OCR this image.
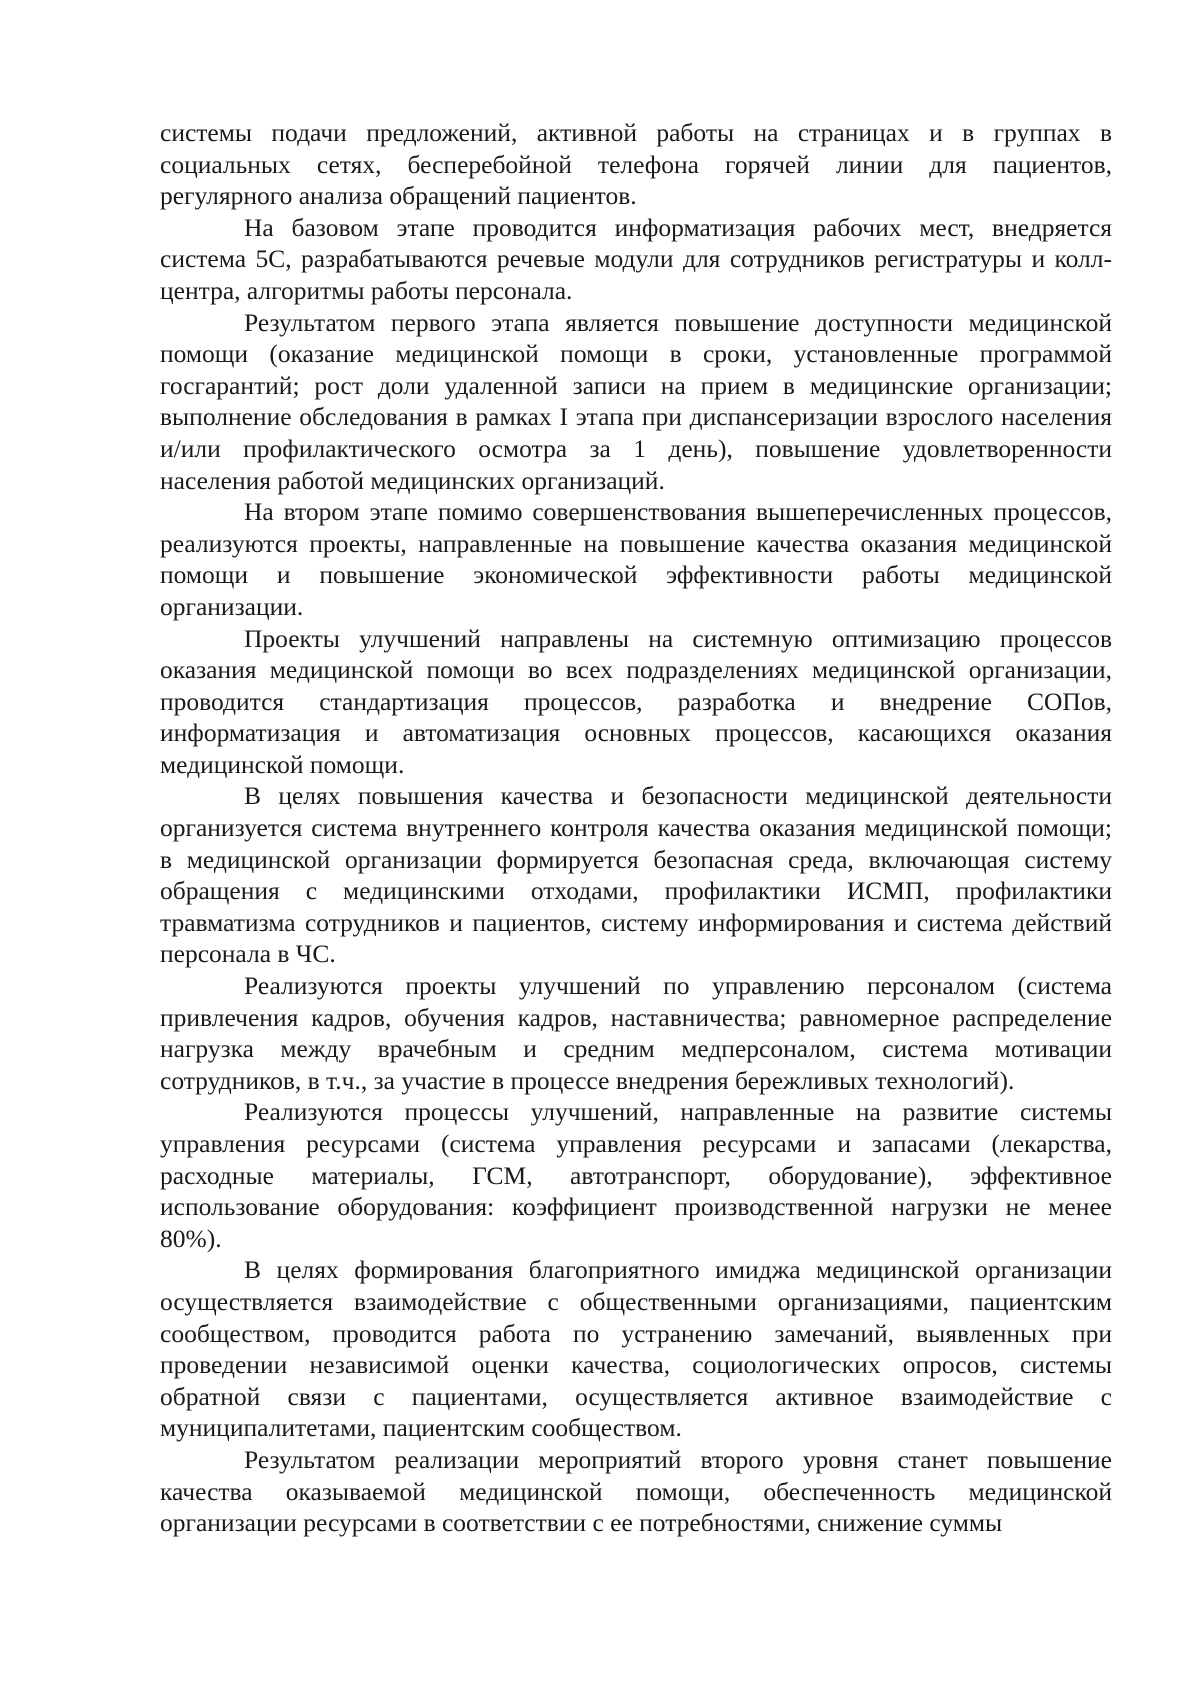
системы подачи предложений, активной работы на страницах и в группах в социальных сетях, бесперебойной телефона горячей линии для пациентов, регулярного анализа обращений пациентов.

На базовом этапе проводится информатизация рабочих мест, внедряется система 5С, разрабатываются речевые модули для сотрудников регистратуры и колл-центра, алгоритмы работы персонала.

Результатом первого этапа является повышение доступности медицинской помощи (оказание медицинской помощи в сроки, установленные программой госгарантий; рост доли удаленной записи на прием в медицинские организации; выполнение обследования в рамках I этапа при диспансеризации взрослого населения и/или профилактического осмотра за 1 день), повышение удовлетворенности населения работой медицинских организаций.

На втором этапе помимо совершенствования вышеперечисленных процессов, реализуются проекты, направленные на повышение качества оказания медицинской помощи и повышение экономической эффективности работы медицинской организации.

Проекты улучшений направлены на системную оптимизацию процессов оказания медицинской помощи во всех подразделениях медицинской организации, проводится стандартизация процессов, разработка и внедрение СОПов, информатизация и автоматизация основных процессов, касающихся оказания медицинской помощи.

В целях повышения качества и безопасности медицинской деятельности организуется система внутреннего контроля качества оказания медицинской помощи; в медицинской организации формируется безопасная среда, включающая систему обращения с медицинскими отходами, профилактики ИСМП, профилактики травматизма сотрудников и пациентов, систему информирования и система действий персонала в ЧС.

Реализуются проекты улучшений по управлению персоналом (система привлечения кадров, обучения кадров, наставничества; равномерное распределение нагрузка между врачебным и средним медперсоналом, система мотивации сотрудников, в т.ч., за участие в процессе внедрения бережливых технологий).

Реализуются процессы улучшений, направленные на развитие системы управления ресурсами (система управления ресурсами и запасами (лекарства, расходные материалы, ГСМ, автотранспорт, оборудование), эффективное использование оборудования: коэффициент производственной нагрузки не менее 80%).

В целях формирования благоприятного имиджа медицинской организации осуществляется взаимодействие с общественными организациями, пациентским сообществом, проводится работа по устранению замечаний, выявленных при проведении независимой оценки качества, социологических опросов, системы обратной связи с пациентами, осуществляется активное взаимодействие с муниципалитетами, пациентским сообществом.

Результатом реализации мероприятий второго уровня станет повышение качества оказываемой медицинской помощи, обеспеченность медицинской организации ресурсами в соответствии с ее потребностями, снижение суммы
